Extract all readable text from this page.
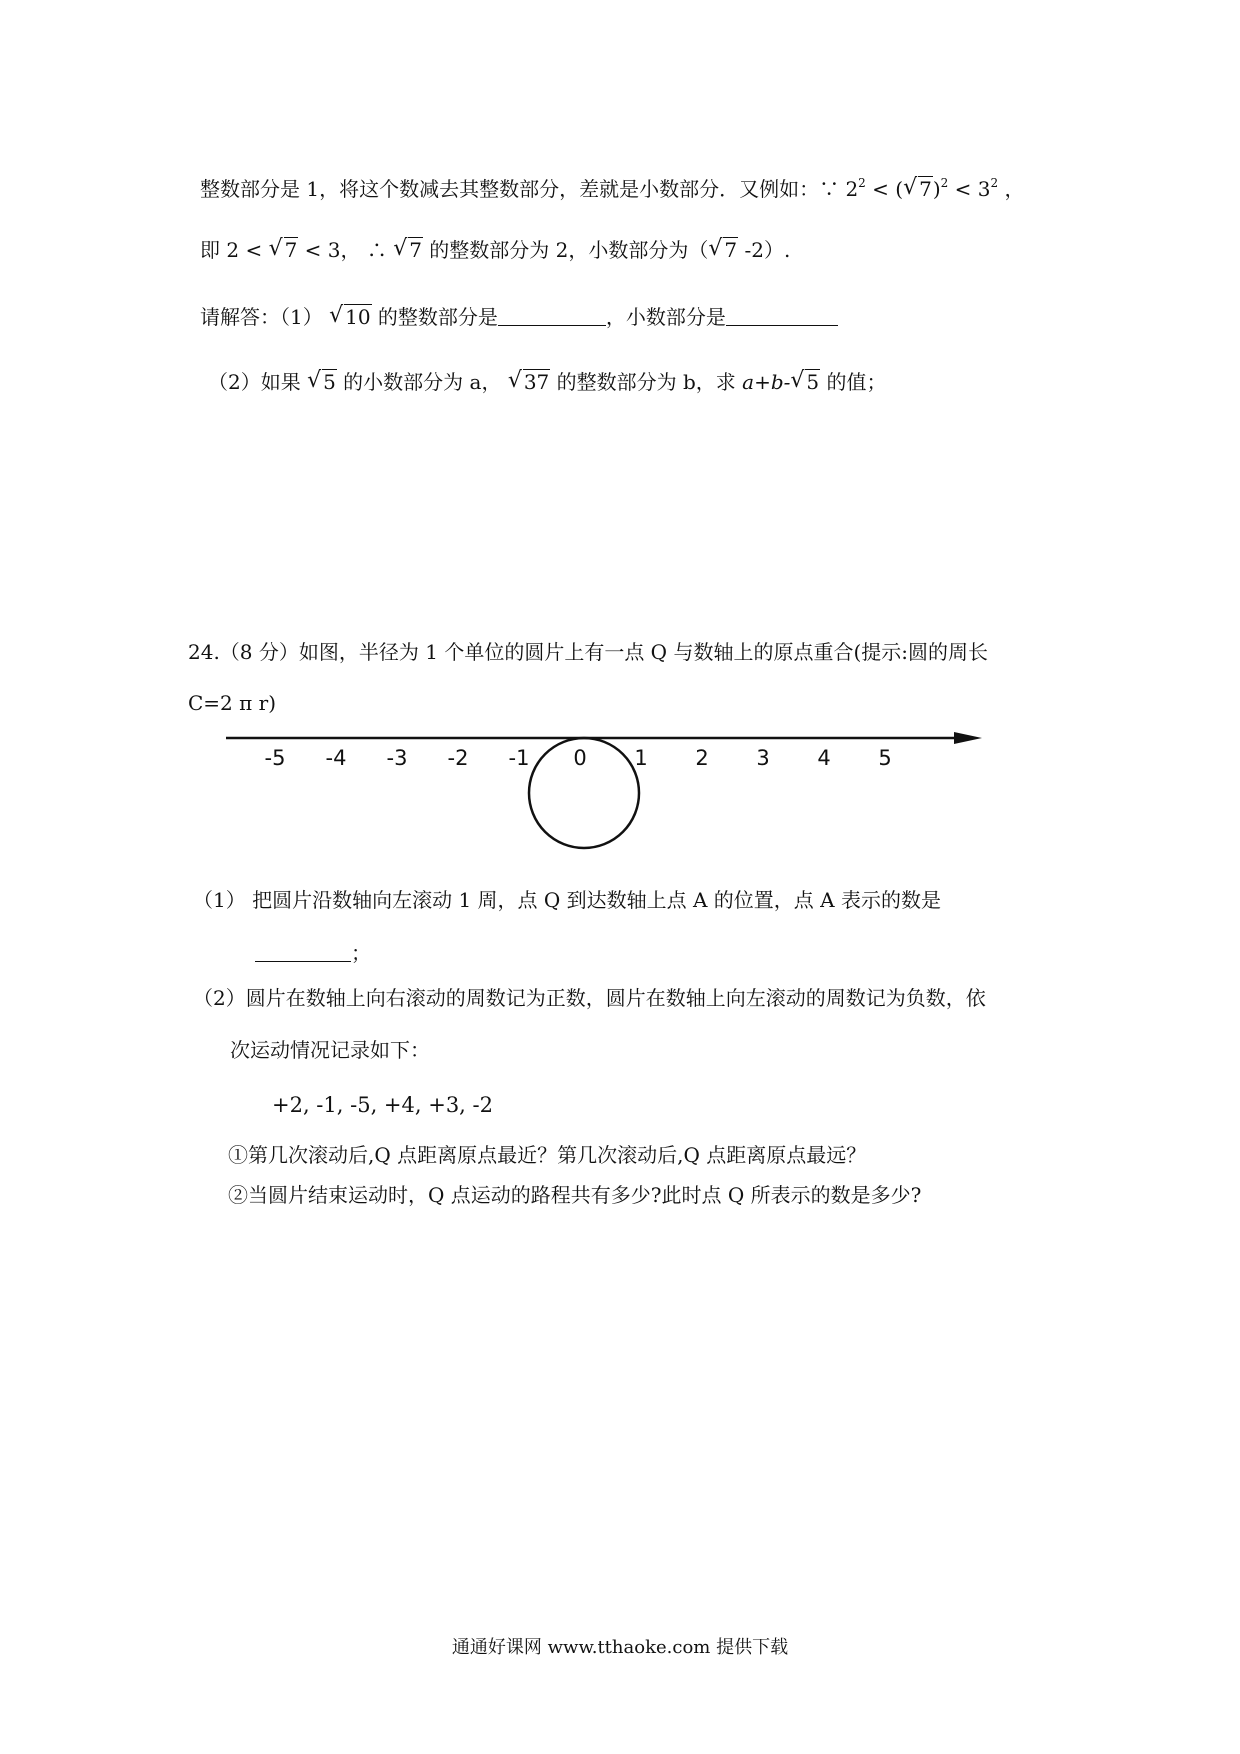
整数部分是 1，将这个数减去其整数部分，差就是小数部分．又例如：∵ $2^2$ < ( √ $7)^2 < 3^2$ ，
即 2 < √ 7 < 3， ∴ √ 7 的整数部分为 2，小数部分为（ √ 7 -2）.
请解答：（1） √ 10 的整数部分是	，小数部分是
（2）如果 √ 5 的小数部分为 a， √ 37 的整数部分为 b，求 a+b- √ 5 的值；
24.（8 分）如图，半径为 1 个单位的圆片上有一点 Q 与数轴上的原点重合(提示:圆的周长
C=2 π r)
-5 -4 -3 -2 -1 0 1 2 3 4 5
（1） 把圆片沿数轴向左滚动 1 周，点 Q 到达数轴上点 A 的位置，点 A 表示的数是
；
（2）圆片在数轴上向右滚动的周数记为正数，圆片在数轴上向左滚动的周数记为负数，依
次运动情况记录如下：
+2, -1, -5, +4, +3, -2
①第几次滚动后,Q 点距离原点最近？第几次滚动后,Q 点距离原点最远？
②当圆片结束运动时，Q 点运动的路程共有多少?此时点 Q 所表示的数是多少?
通通好课网 www.tthaoke.com 提供下载
